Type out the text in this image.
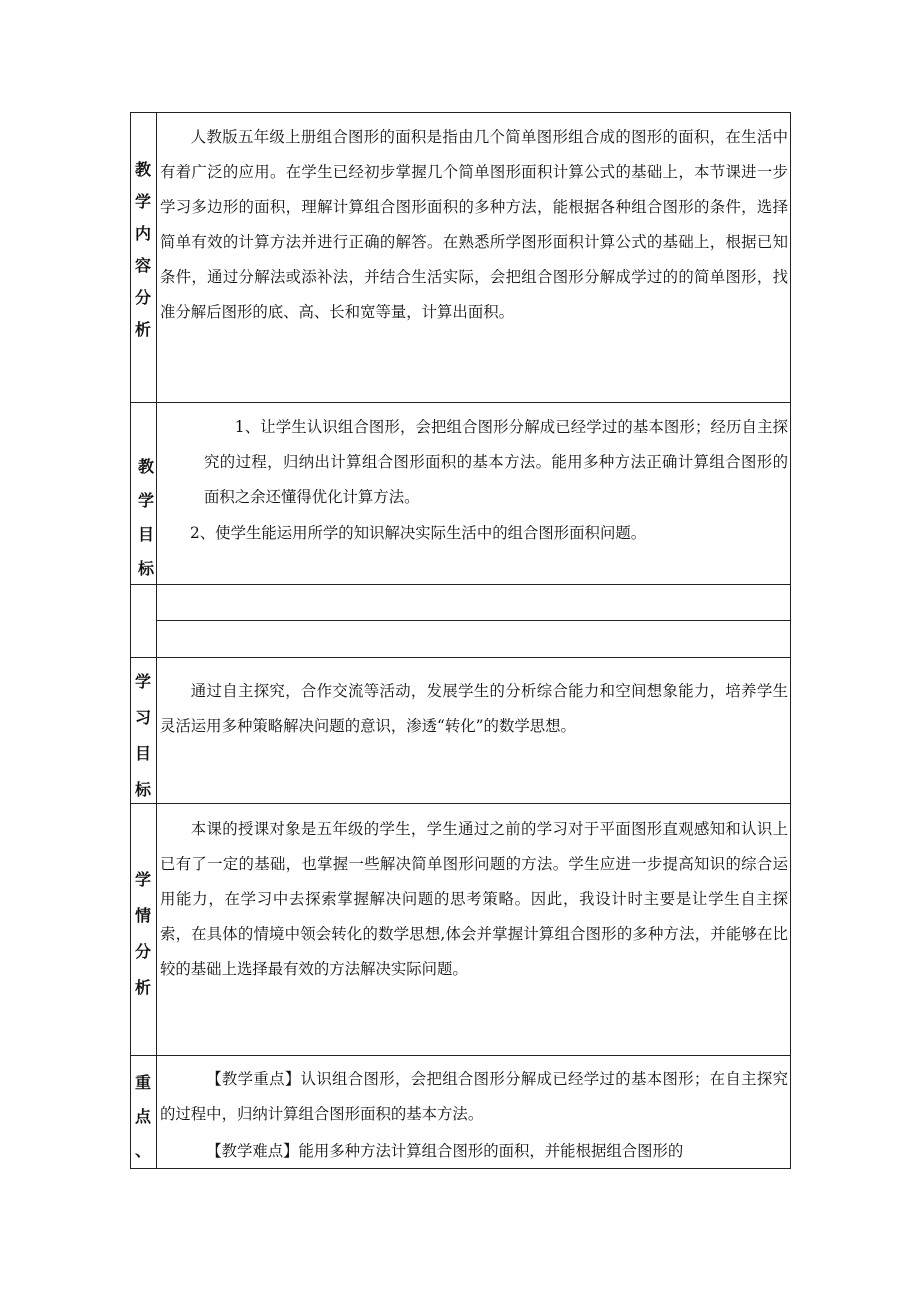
教
学
内
容
分
析

人教版五年级上册组合图形的面积是指由几个简单图形组合成的图形的面积，在生活中有着广泛的应用。在学生已经初步掌握几个简单图形面积计算公式的基础上，本节课进一步学习多边形的面积，理解计算组合图形面积的多种方法，能根据各种组合图形的条件，选择简单有效的计算方法并进行正确的解答。在熟悉所学图形面积计算公式的基础上，根据已知条件，通过分解法或添补法，并结合生活实际，会把组合图形分解成学过的的简单图形，找准分解后图形的底、高、长和宽等量，计算出面积。

教
学
目
标

1、让学生认识组合图形，会把组合图形分解成已经学过的基本图形；经历自主探究的过程，归纳出计算组合图形面积的基本方法。能用多种方法正确计算组合图形的面积之余还懂得优化计算方法。

2、使学生能运用所学的知识解决实际生活中的组合图形面积问题。

学
习
目
标

通过自主探究，合作交流等活动，发展学生的分析综合能力和空间想象能力，培养学生灵活运用多种策略解决问题的意识，渗透“转化”的数学思想。

学
情
分
析

本课的授课对象是五年级的学生，学生通过之前的学习对于平面图形直观感知和认识上已有了一定的基础，也掌握一些解决简单图形问题的方法。学生应进一步提高知识的综合运用能力，在学习中去探索掌握解决问题的思考策略。因此，我设计时主要是让学生自主探索，在具体的情境中领会转化的数学思想,体会并掌握计算组合图形的多种方法，并能够在比较的基础上选择最有效的方法解决实际问题。

重
点
、

【教学重点】认识组合图形，会把组合图形分解成已经学过的基本图形；在自主探究的过程中，归纳计算组合图形面积的基本方法。

【教学难点】能用多种方法计算组合图形的面积，并能根据组合图形的
